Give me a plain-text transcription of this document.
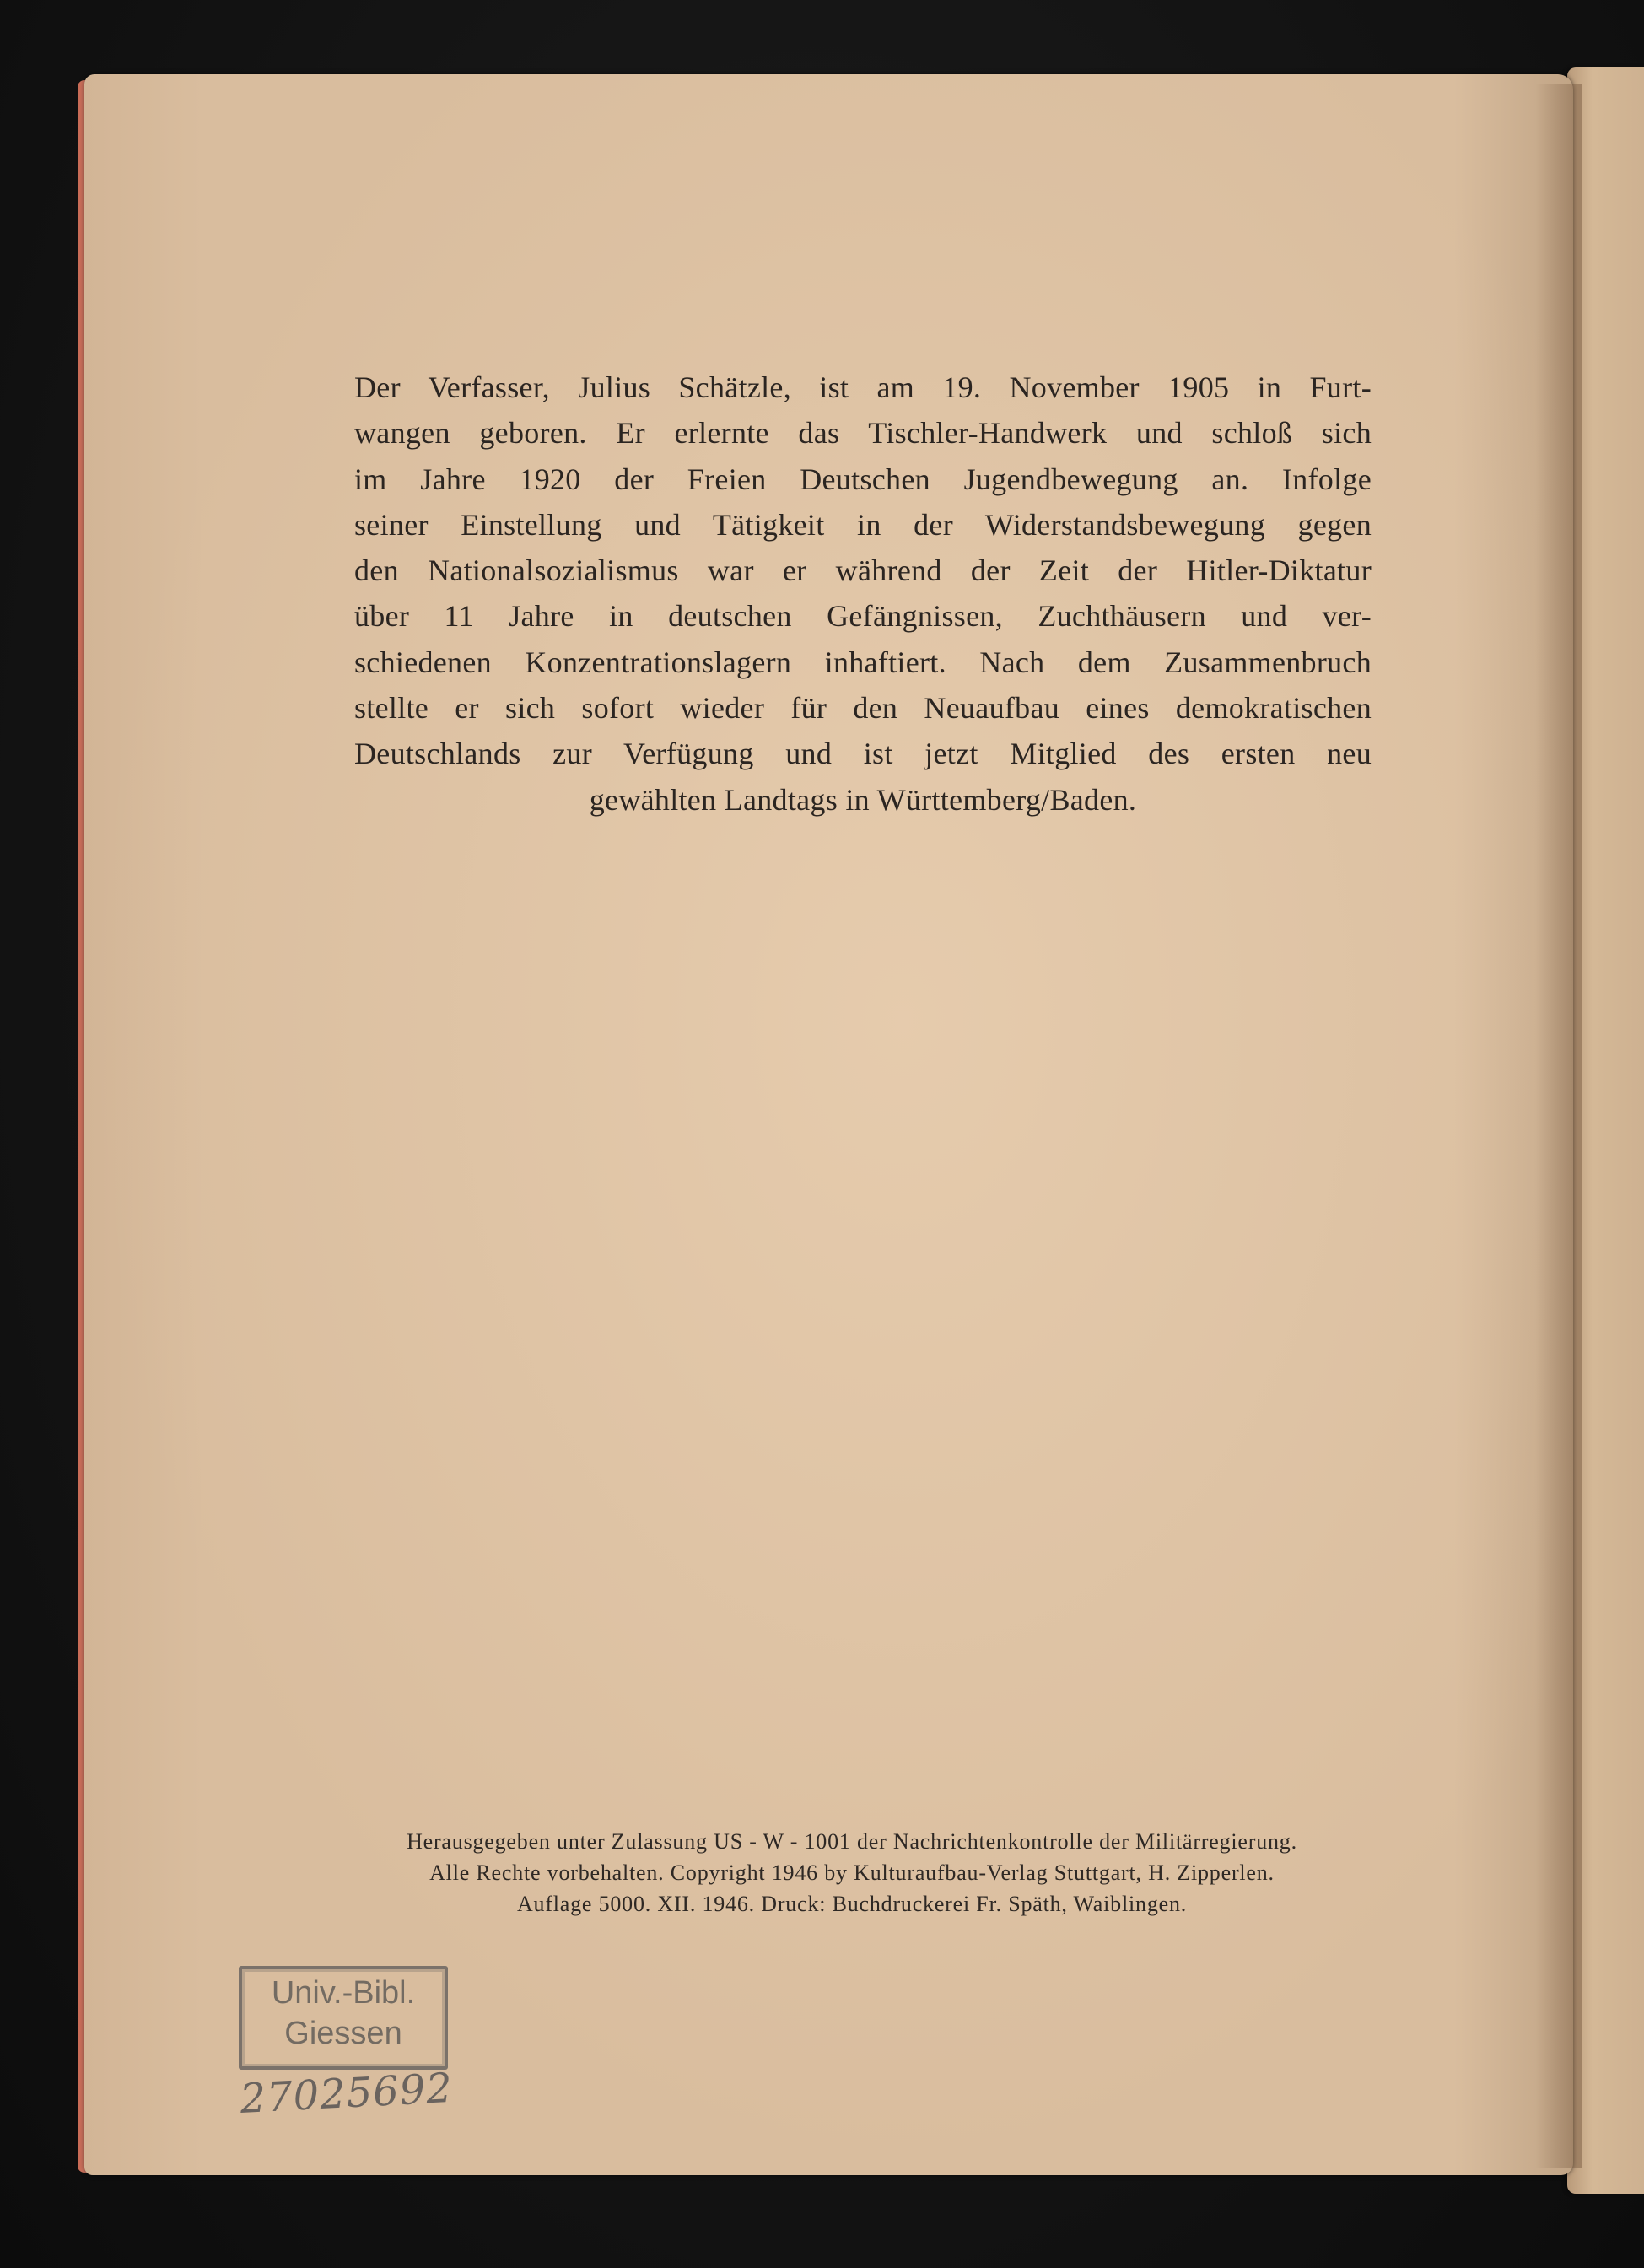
Der Verfasser, Julius Schätzle, ist am 19. November 1905 in Furt-
wangen geboren. Er erlernte das Tischler-Handwerk und schloß sich
im Jahre 1920 der Freien Deutschen Jugendbewegung an. Infolge
seiner Einstellung und Tätigkeit in der Widerstandsbewegung gegen
den Nationalsozialismus war er während der Zeit der Hitler-Diktatur
über 11 Jahre in deutschen Gefängnissen, Zuchthäusern und ver-
schiedenen Konzentrationslagern inhaftiert. Nach dem Zusammenbruch
stellte er sich sofort wieder für den Neuaufbau eines demokratischen
Deutschlands zur Verfügung und ist jetzt Mitglied des ersten neu
gewählten Landtags in Württemberg/Baden.
Herausgegeben unter Zulassung US - W - 1001 der Nachrichtenkontrolle der Militärregierung.
Alle Rechte vorbehalten. Copyright 1946 by Kulturaufbau-Verlag Stuttgart, H. Zipperlen.
Auflage 5000. XII. 1946. Druck: Buchdruckerei Fr. Späth, Waiblingen.
Univ.-Bibl.
Giessen
27025692
